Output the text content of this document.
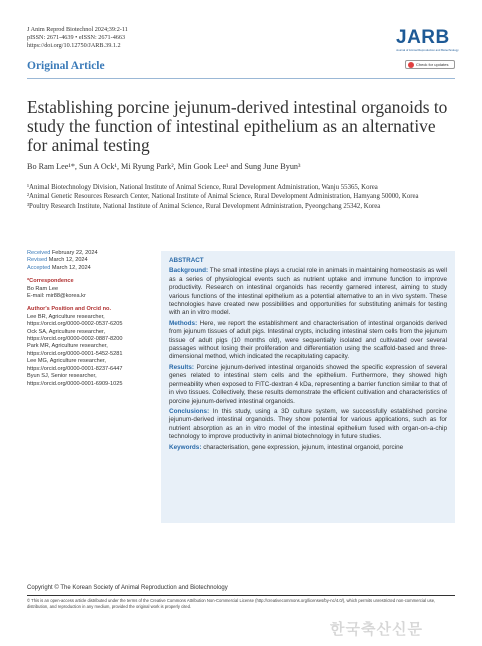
J Anim Reprod Biotechnol 2024;39:2-11
pISSN: 2671-4639 • eISSN: 2671-4663
https://doi.org/10.12750/JARB.39.1.2
Original Article
JARB
Journal of Animal Reproduction and Biotechnology
Check for updates
Establishing porcine jejunum-derived intestinal organoids to study the function of intestinal epithelium as an alternative for animal testing
Bo Ram Lee¹*, Sun A Ock¹, Mi Ryung Park², Min Gook Lee¹ and Sung June Byun³
¹Animal Biotechnology Division, National Institute of Animal Science, Rural Development Administration, Wanju 55365, Korea
²Animal Genetic Resources Research Center, National Institute of Animal Science, Rural Development Administration, Hamyang 50000, Korea
³Poultry Research Institute, National Institute of Animal Science, Rural Development Administration, Pyeongchang 25342, Korea
Received February 22, 2024
Revised March 12, 2024
Accepted March 12, 2024
*Correspondence
Bo Ram Lee
E-mail: mir88@korea.kr
Author's Position and Orcid no.
Lee BR, Agriculture researcher,
https://orcid.org/0000-0002-0537-6205
Ock SA, Agriculture researcher,
https://orcid.org/0000-0002-0887-8200
Park MR, Agriculture researcher,
https://orcid.org/0000-0001-5452-5281
Lee MG, Agriculture researcher,
https://orcid.org/0000-0001-8237-6447
Byun SJ, Senior researcher,
https://orcid.org/0000-0001-6909-1025
ABSTRACT

Background: The small intestine plays a crucial role in animals in maintaining homeostasis as well as a series of physiological events such as nutrient uptake and immune function to improve productivity. Research on intestinal organoids has recently garnered interest, aiming to study various functions of the intestinal epithelium as a potential alternative to an in vivo system. These technologies have created new possibilities and opportunities for substituting animals for testing with an in vitro model.

Methods: Here, we report the establishment and characterisation of intestinal organoids derived from jejunum tissues of adult pigs. Intestinal crypts, including intestinal stem cells from the jejunum tissue of adult pigs (10 months old), were sequentially isolated and cultivated over several passages without losing their proliferation and differentiation using the scaffold-based and three-dimensional method, which indicated the recapitulating capacity.

Results: Porcine jejunum-derived intestinal organoids showed the specific expression of several genes related to intestinal stem cells and the epithelium. Furthermore, they showed high permeability when exposed to FITC-dextran 4 kDa, representing a barrier function similar to that of in vivo tissues. Collectively, these results demonstrate the efficient cultivation and characteristics of porcine jejunum-derived intestinal organoids.

Conclusions: In this study, using a 3D culture system, we successfully established porcine jejunum-derived intestinal organoids. They show potential for various applications, such as for nutrient absorption as an in vitro model of the intestinal epithelium fused with organ-on-a-chip technology to improve productivity in animal biotechnology in future studies.

Keywords: characterisation, gene expression, jejunum, intestinal organoid, porcine

Copyright © The Korean Society of Animal Reproduction and Biotechnology
© This is an open-access article distributed under the terms of the Creative Commons Attribution Non-Commercial License (http://creativecommons.org/licenses/by-nc/4.0/), which permits unrestricted non-commercial use, distribution, and reproduction in any medium, provided the original work is properly cited.
한국축산신문
